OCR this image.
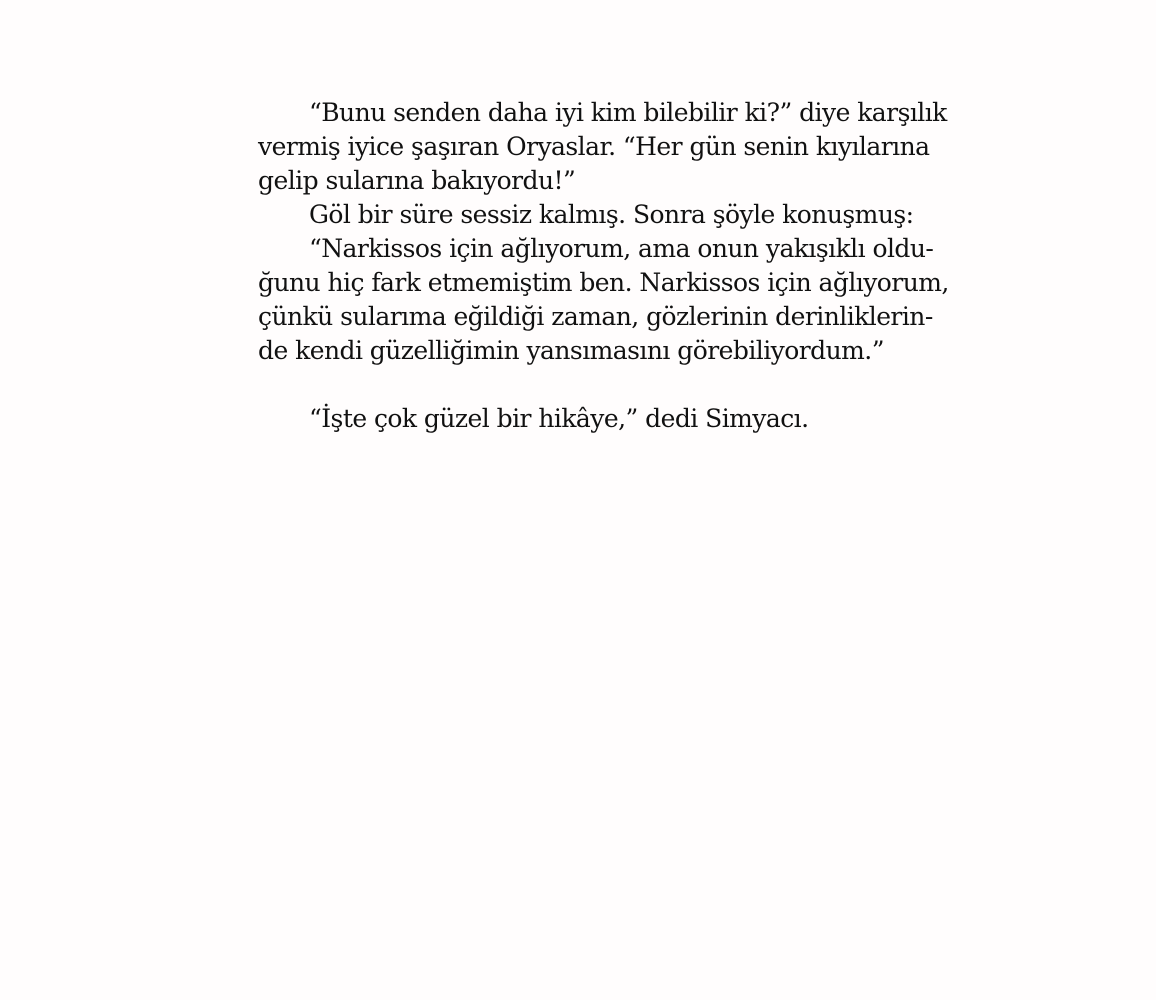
“Bunu senden daha iyi kim bilebilir ki?” diye karşılık
vermiş iyice şaşıran Oryaslar. “Her gün senin kıyılarına
gelip sularına bakıyordu!”
Göl bir süre sessiz kalmış. Sonra şöyle konuşmuş:
“Narkissos için ağlıyorum, ama onun yakışıklı oldu-
ğunu hiç fark etmemiştim ben. Narkissos için ağlıyorum,
çünkü sularıma eğildiği zaman, gözlerinin derinliklerin-
de kendi güzelliğimin yansımasını görebiliyordum.”
“İşte çok güzel bir hikâye,” dedi Simyacı.
